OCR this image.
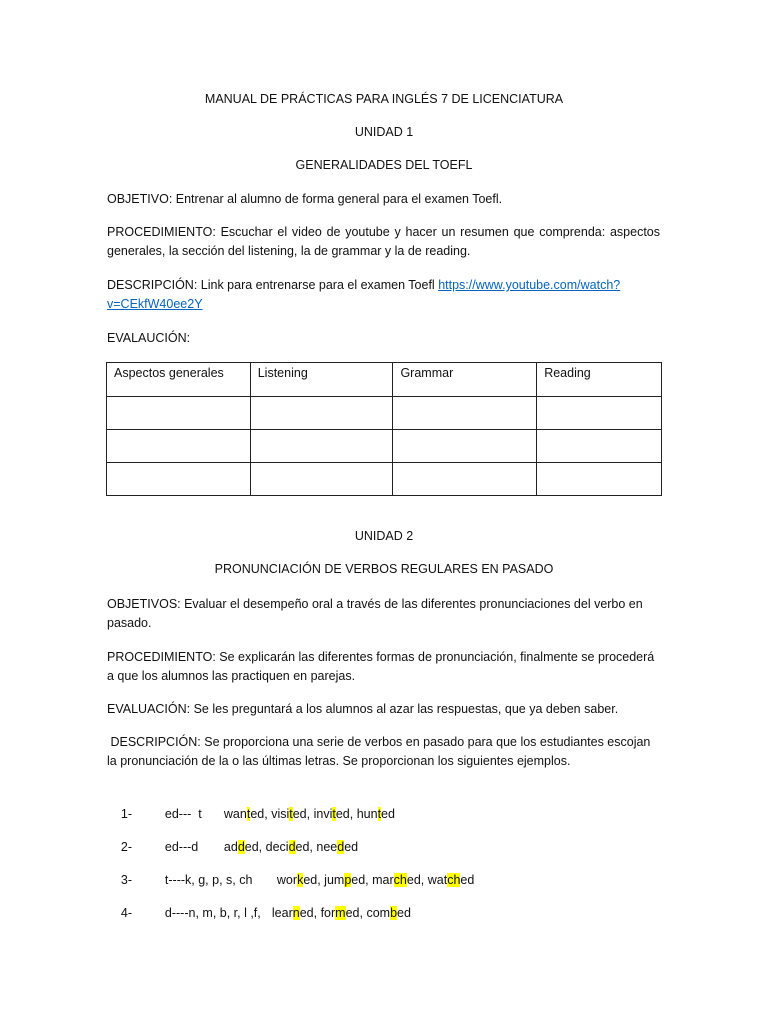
MANUAL DE PRÁCTICAS PARA INGLÉS 7 DE LICENCIATURA
UNIDAD 1
GENERALIDADES DEL TOEFL
OBJETIVO: Entrenar al alumno de forma general para el examen Toefl.
PROCEDIMIENTO: Escuchar el video de youtube y hacer un resumen que comprenda: aspectos generales, la sección del listening, la de grammar y la de reading.
DESCRIPCIÓN: Link para entrenarse para el examen Toefl https://www.youtube.com/watch?v=CEkfW40ee2Y
EVALAUCIÓN:
Aspectos generales	Listening	Grammar	Reading

UNIDAD 2
PRONUNCIACIÓN DE VERBOS REGULARES EN PASADO
OBJETIVOS: Evaluar el desempeño oral a través de las diferentes pronunciaciones del verbo en pasado.
PROCEDIMIENTO: Se explicarán las diferentes formas de pronunciación, finalmente se procederá a que los alumnos las practiquen en parejas.
EVALUACIÓN: Se les preguntará a los alumnos al azar las respuestas, que ya deben saber.
DESCRIPCIÓN: Se proporciona una serie de verbos en pasado para que los estudiantes escojan la pronunciación de la o las últimas letras. Se proporcionan los siguientes ejemplos.

1-	ed---  t wanted, visited, invited, hunted

2-	ed---d added, decided, needed

3-	t----k, g, p, s, ch worked, jumped, marched, watched

4-	d----n, m, b, r, l ,f, learned, formed, combed
